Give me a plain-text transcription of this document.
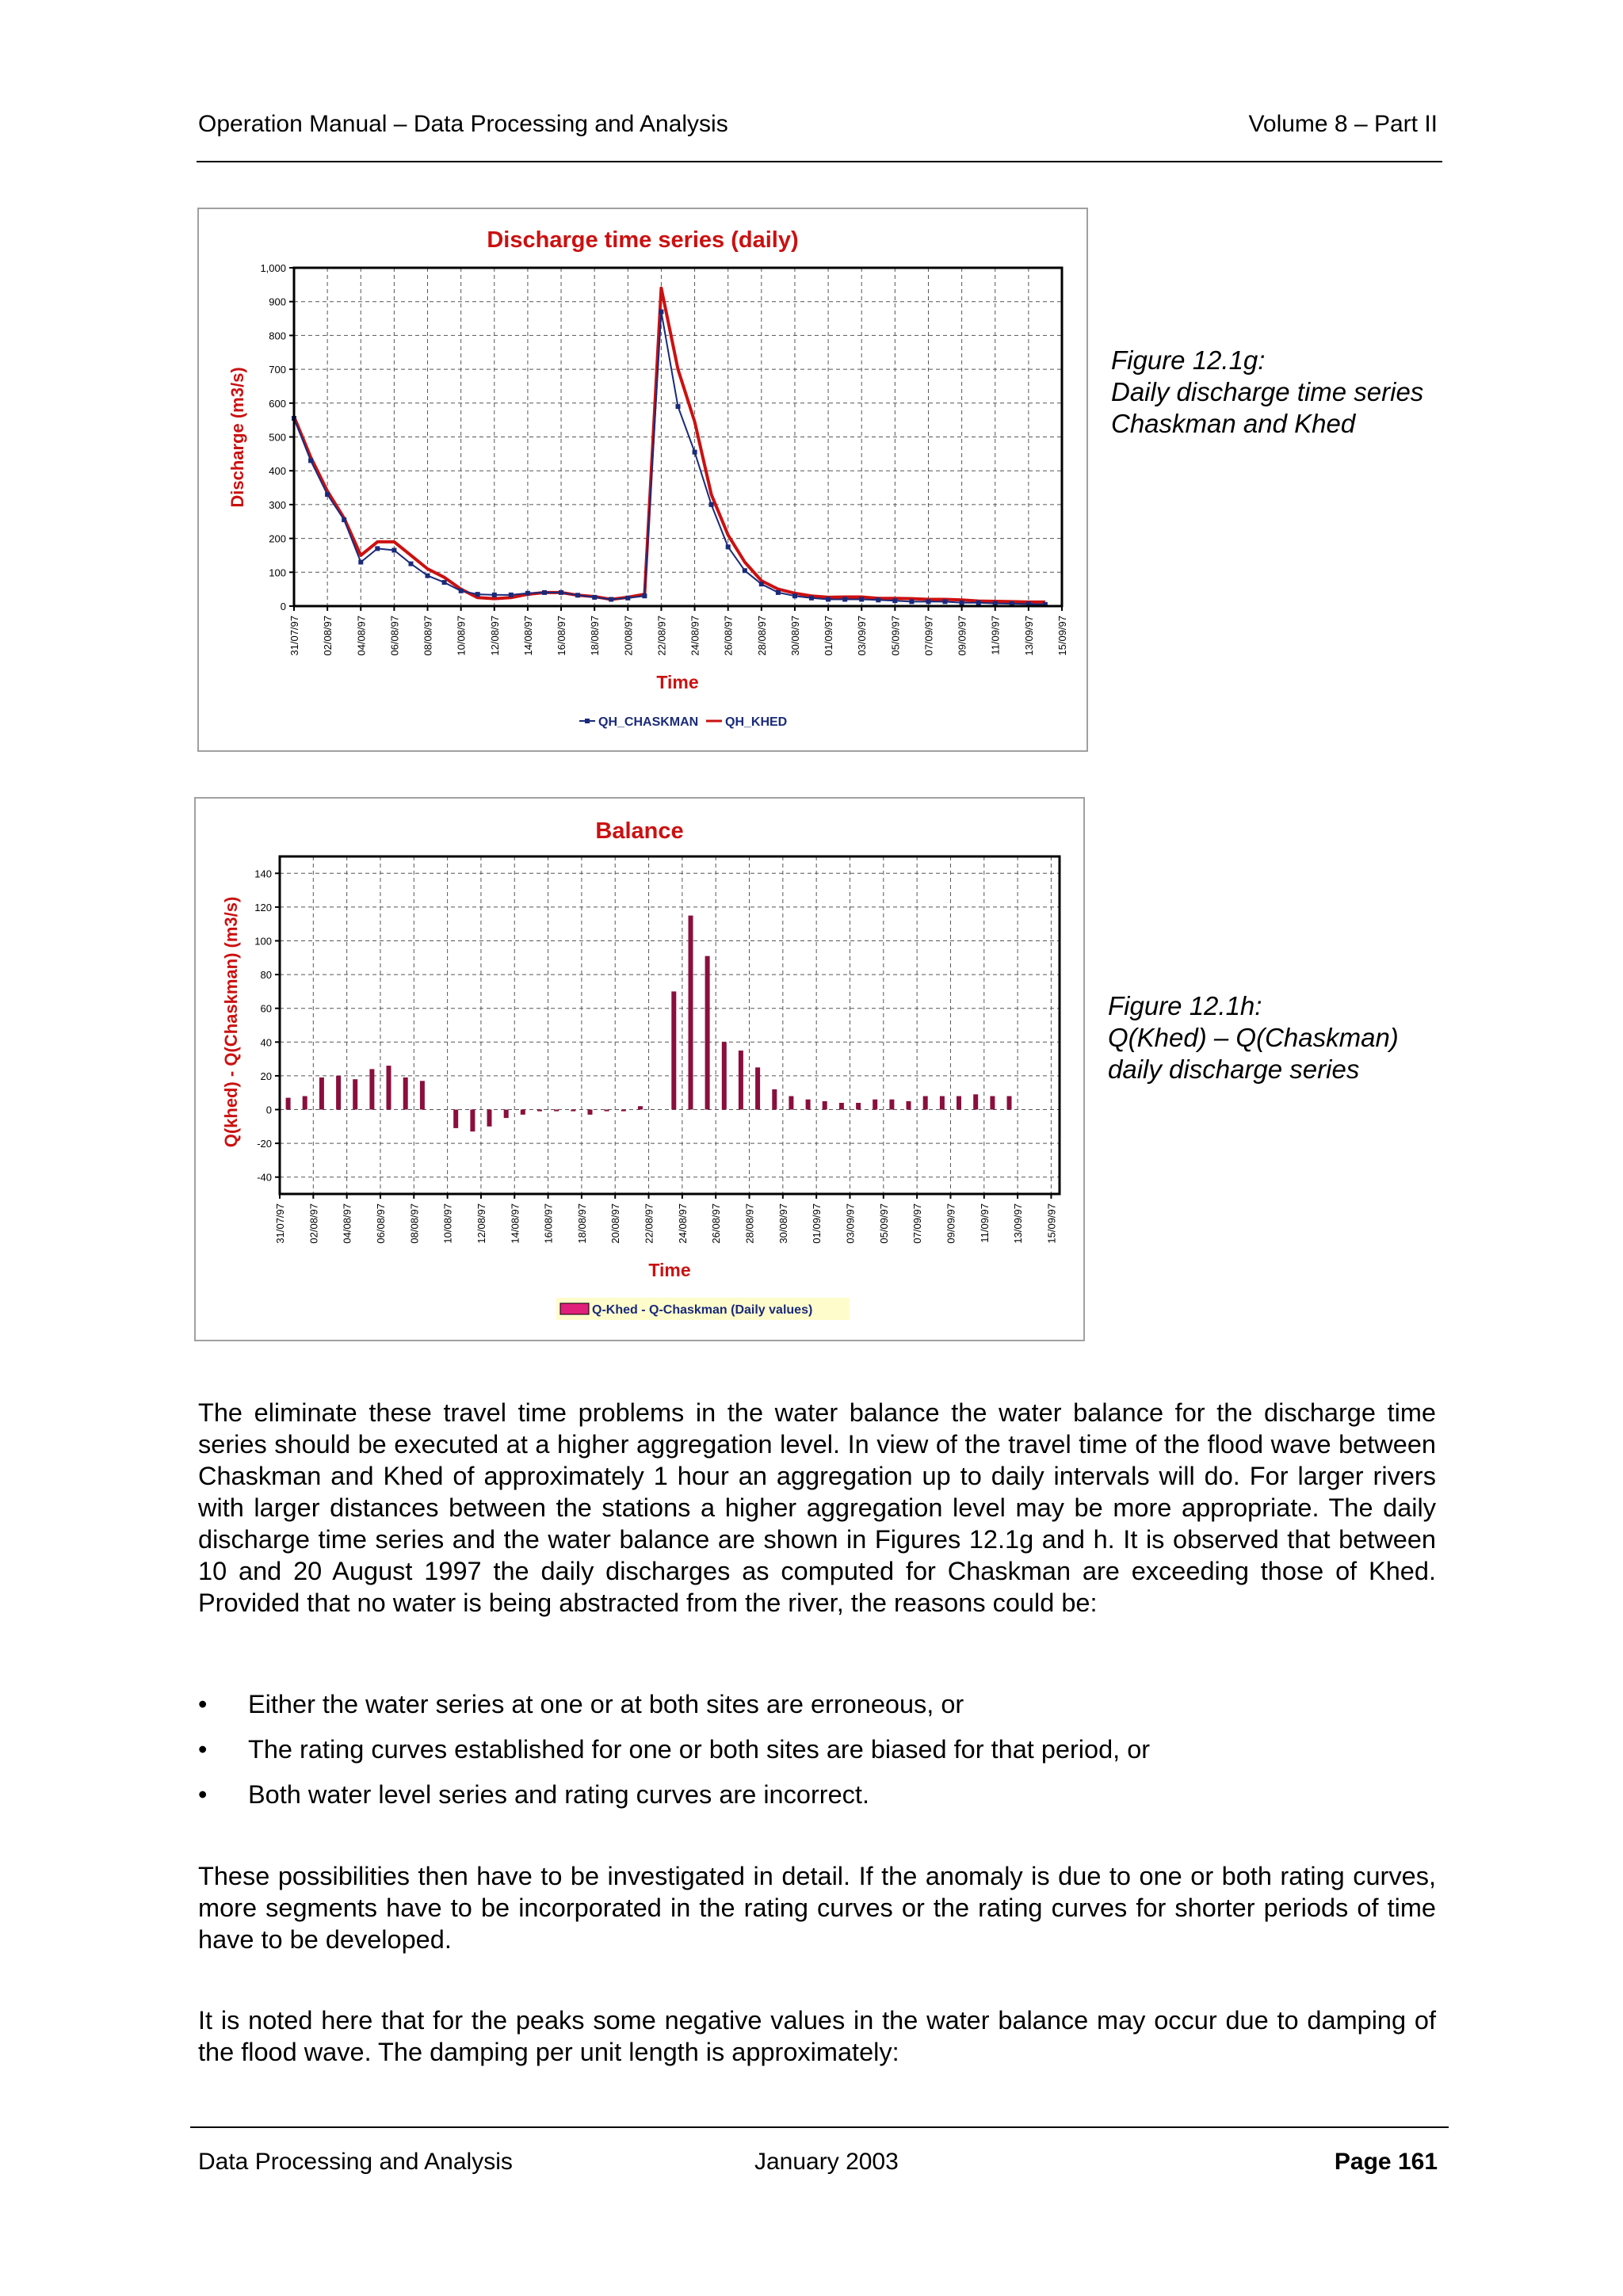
Operation Manual – Data Processing and Analysis	Volume 8 – Part II
Discharge time series (daily)
0
100
200
300
400
500
600
700
800
900
1,000
31/07/97 02/08/97 04/08/97 06/08/97 08/08/97 10/08/97 12/08/97 14/08/97 16/08/97 18/08/97 20/08/97 22/08/97 24/08/97 26/08/97 28/08/97 30/08/97 01/09/97 03/09/97 05/09/97 07/09/97 09/09/97 11/09/97 13/09/97 15/09/97
Discharge (m3/s)
Time
QH_CHASKMAN QH_KHED
Figure 12.1g:
Daily discharge time series
Chaskman and Khed
Balance
-40
-20
0
20
40
60
80
100
120
140
31/07/97 02/08/97 04/08/97 06/08/97 08/08/97 10/08/97 12/08/97 14/08/97 16/08/97 18/08/97 20/08/97 22/08/97 24/08/97 26/08/97 28/08/97 30/08/97 01/09/97 03/09/97 05/09/97 07/09/97 09/09/97 11/09/97 13/09/97 15/09/97
Q(khed) - Q(Chaskman) (m3/s)
Time
Q-Khed - Q-Chaskman (Daily values)
Figure 12.1h:
Q(Khed) – Q(Chaskman)
daily discharge series

The eliminate these travel time problems in the water balance the water balance for the discharge time series should be executed at a higher aggregation level. In view of the travel time of the flood wave between Chaskman and Khed of approximately 1 hour an aggregation up to daily intervals will do. For larger rivers with larger distances between the stations a higher aggregation level may be more appropriate. The daily discharge time series and the water balance are shown in Figures 12.1g and h. It is observed that between 10 and 20 August 1997 the daily discharges as computed for Chaskman are exceeding those of Khed. Provided that no water is being abstracted from the river, the reasons could be:

• Either the water series at one or at both sites are erroneous, or
• The rating curves established for one or both sites are biased for that period, or
• Both water level series and rating curves are incorrect.

These possibilities then have to be investigated in detail. If the anomaly is due to one or both rating curves, more segments have to be incorporated in the rating curves or the rating curves for shorter periods of time have to be developed.

It is noted here that for the peaks some negative values in the water balance may occur due to damping of the flood wave. The damping per unit length is approximately:

Data Processing and Analysis	January 2003	Page 161
